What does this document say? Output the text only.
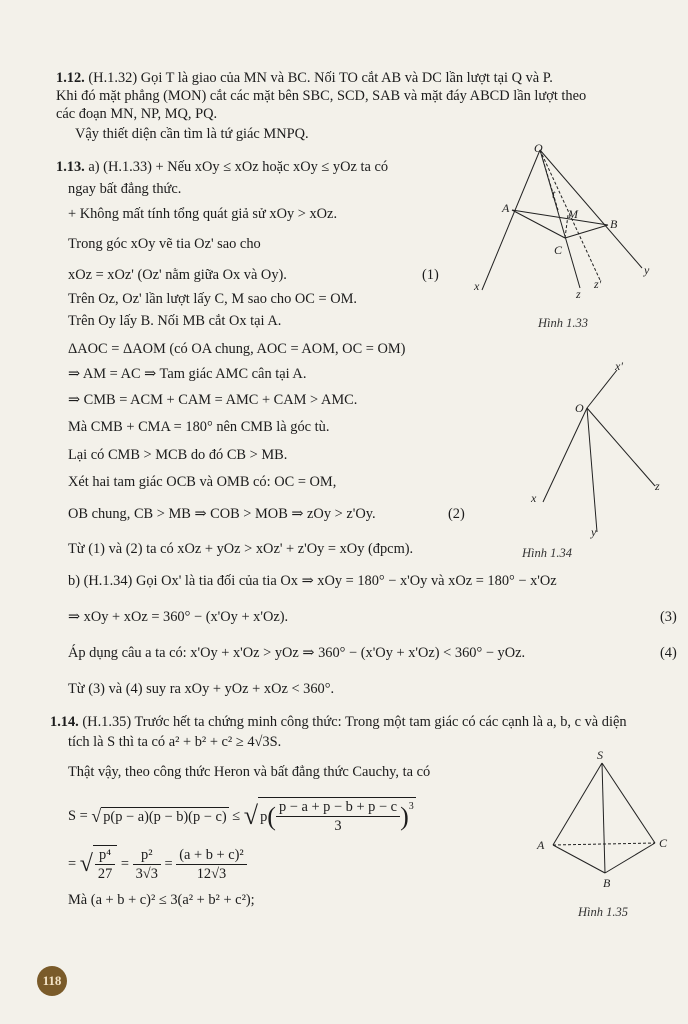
1.12. (H.1.32) Gọi T là giao của MN và BC. Nối TO cắt AB và DC lần lượt tại Q và P.
Khi đó mặt phẳng (MON) cắt các mặt bên SBC, SCD, SAB và mặt đáy ABCD lần lượt theo
các đoạn MN, NP, MQ, PQ.
Vậy thiết diện cần tìm là tứ giác MNPQ.
1.13. a) (H.1.33) + Nếu xOy ≤ xOz hoặc xOy ≤ yOz ta có
ngay bất đẳng thức.
+ Không mất tính tổng quát giả sử xOy > xOz.
Trong góc xOy vẽ tia Oz' sao cho
xOz = xOz' (Oz' nằm giữa Ox và Oy).	(1)
Trên Oz, Oz' lần lượt lấy C, M sao cho OC = OM.
Trên Oy lấy B. Nối MB cắt Ox tại A.
ΔAOC = ΔAOM (có OA chung, AOC = AOM, OC = OM)
⇒ AM = AC ⇒ Tam giác AMC cân tại A.
⇒ CMB = ACM + CAM = AMC + CAM > AMC.
Mà CMB + CMA = 180° nên CMB là góc tù.
Lại có CMB > MCB do đó CB > MB.
Xét hai tam giác OCB và OMB có: OC = OM,
OB chung, CB > MB ⇒ COB > MOB ⇒ zOy > z'Oy.	(2)
Từ (1) và (2) ta có xOz + yOz > xOz' + z'Oy = xOy (đpcm).
b) (H.1.34) Gọi Ox' là tia đối của tia Ox ⇒ xOy = 180° − x'Oy và xOz = 180° − x'Oz
⇒ xOy + xOz = 360° − (x'Oy + x'Oz).	(3)
Áp dụng câu a ta có: x'Oy + x'Oz > yOz ⇒ 360° − (x'Oy + x'Oz) < 360° − yOz.	(4)
Từ (3) và (4) suy ra xOy + yOz + xOz < 360°.
1.14. (H.1.35) Trước hết ta chứng minh công thức: Trong một tam giác có các cạnh là a, b, c và diện
tích là S thì ta có a² + b² + c² ≥ 4√3S.
Thật vậy, theo công thức Heron và bất đẳng thức Cauchy, ta có
S =
√ p(p − a)(p − b)(p − c)
≤
√ p ( $\frac{p - a + p - b + p - c}{3} )^3$
=
√ $\frac{\text{p⁴}}{27} = \frac{\text{p²}}{3√3} = \frac{\text{(a + b + c)²}}{12√3}$
Mà (a + b + c)² ≤ 3(a² + b² + c²);
O
A	M
B
C
x
z
z'
y
t
Hình 1.33
x'
O
z
x
y
Hình 1.34
S
A	C
B
Hình 1.35
118
